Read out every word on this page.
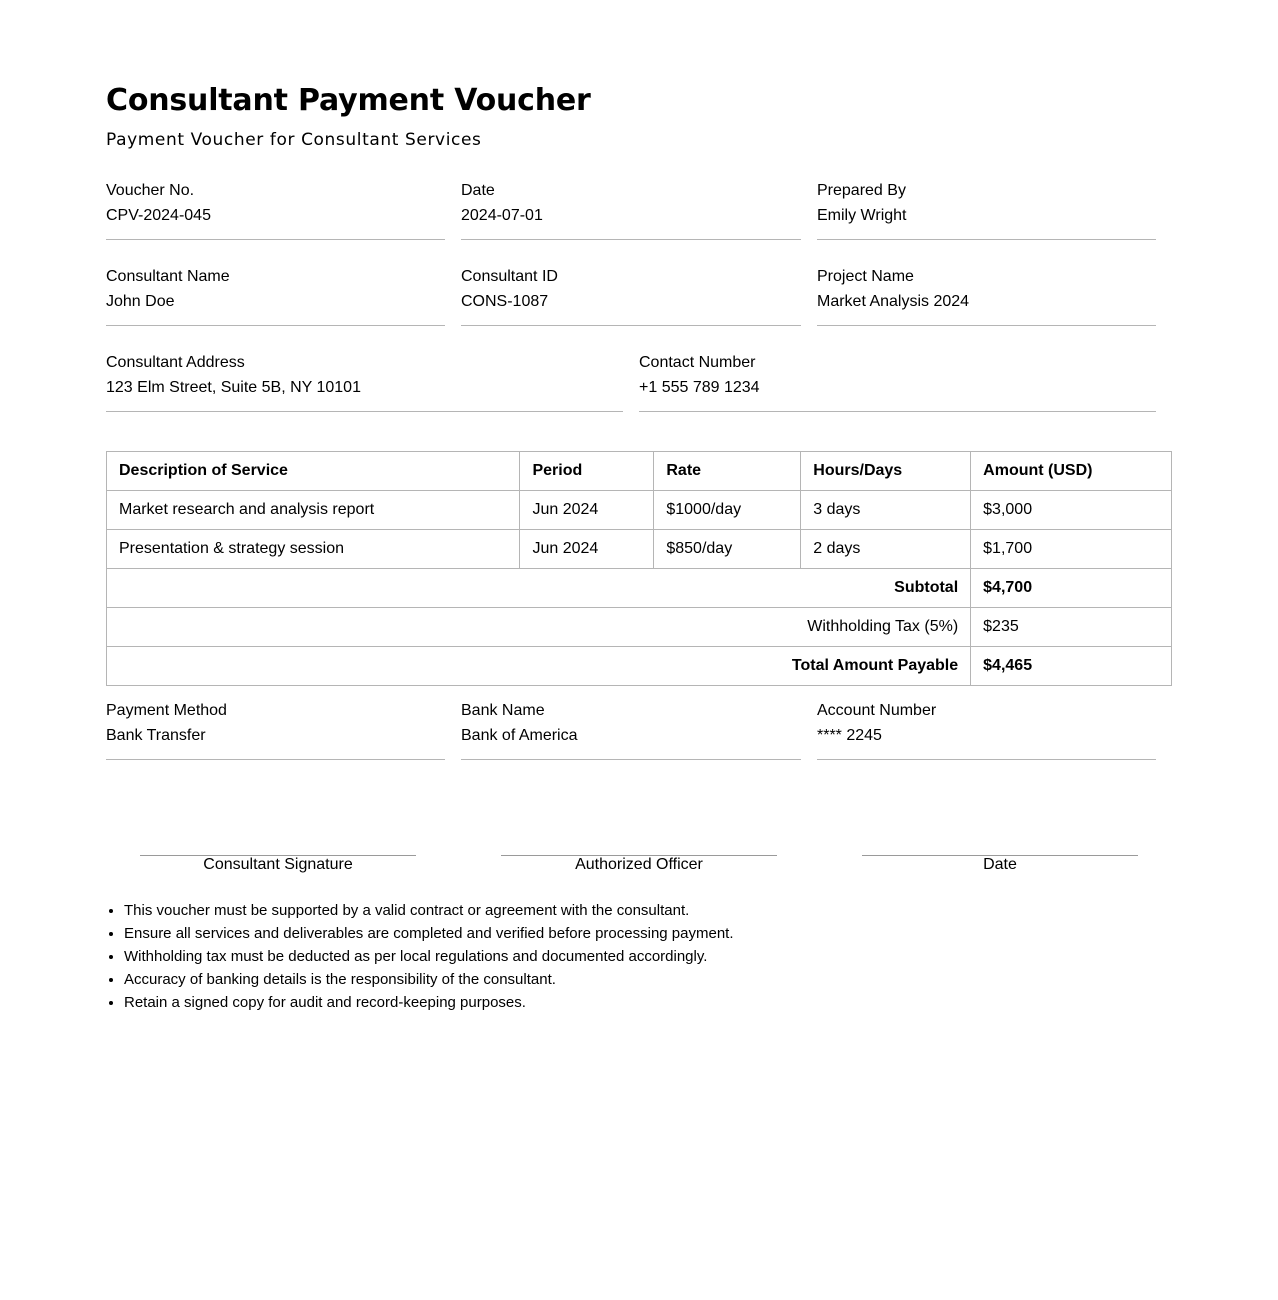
Consultant Payment Voucher

Payment Voucher for Consultant Services

Voucher No.
CPV-2024-045
Date
2024-07-01
Prepared By
Emily Wright
Consultant Name
John Doe
Consultant ID
CONS-1087
Project Name
Market Analysis 2024
Consultant Address
123 Elm Street, Suite 5B, NY 10101
Contact Number
+1 555 789 1234
Description of Service	Period	Rate	Hours/Days	Amount (USD)
Market research and analysis report	Jun 2024	$1000/day	3 days	$3,000
Presentation & strategy session	Jun 2024	$850/day	2 days	$1,700
Subtotal				$4,700
Withholding Tax (5%)				$235
Total Amount Payable				$4,465
Payment Method
Bank Transfer
Bank Name
Bank of America
Account Number
**** 2245
Consultant Signature	Authorized Officer	Date
• This voucher must be supported by a valid contract or agreement with the consultant.
• Ensure all services and deliverables are completed and verified before processing payment.
• Withholding tax must be deducted as per local regulations and documented accordingly.
• Accuracy of banking details is the responsibility of the consultant.
• Retain a signed copy for audit and record-keeping purposes.
